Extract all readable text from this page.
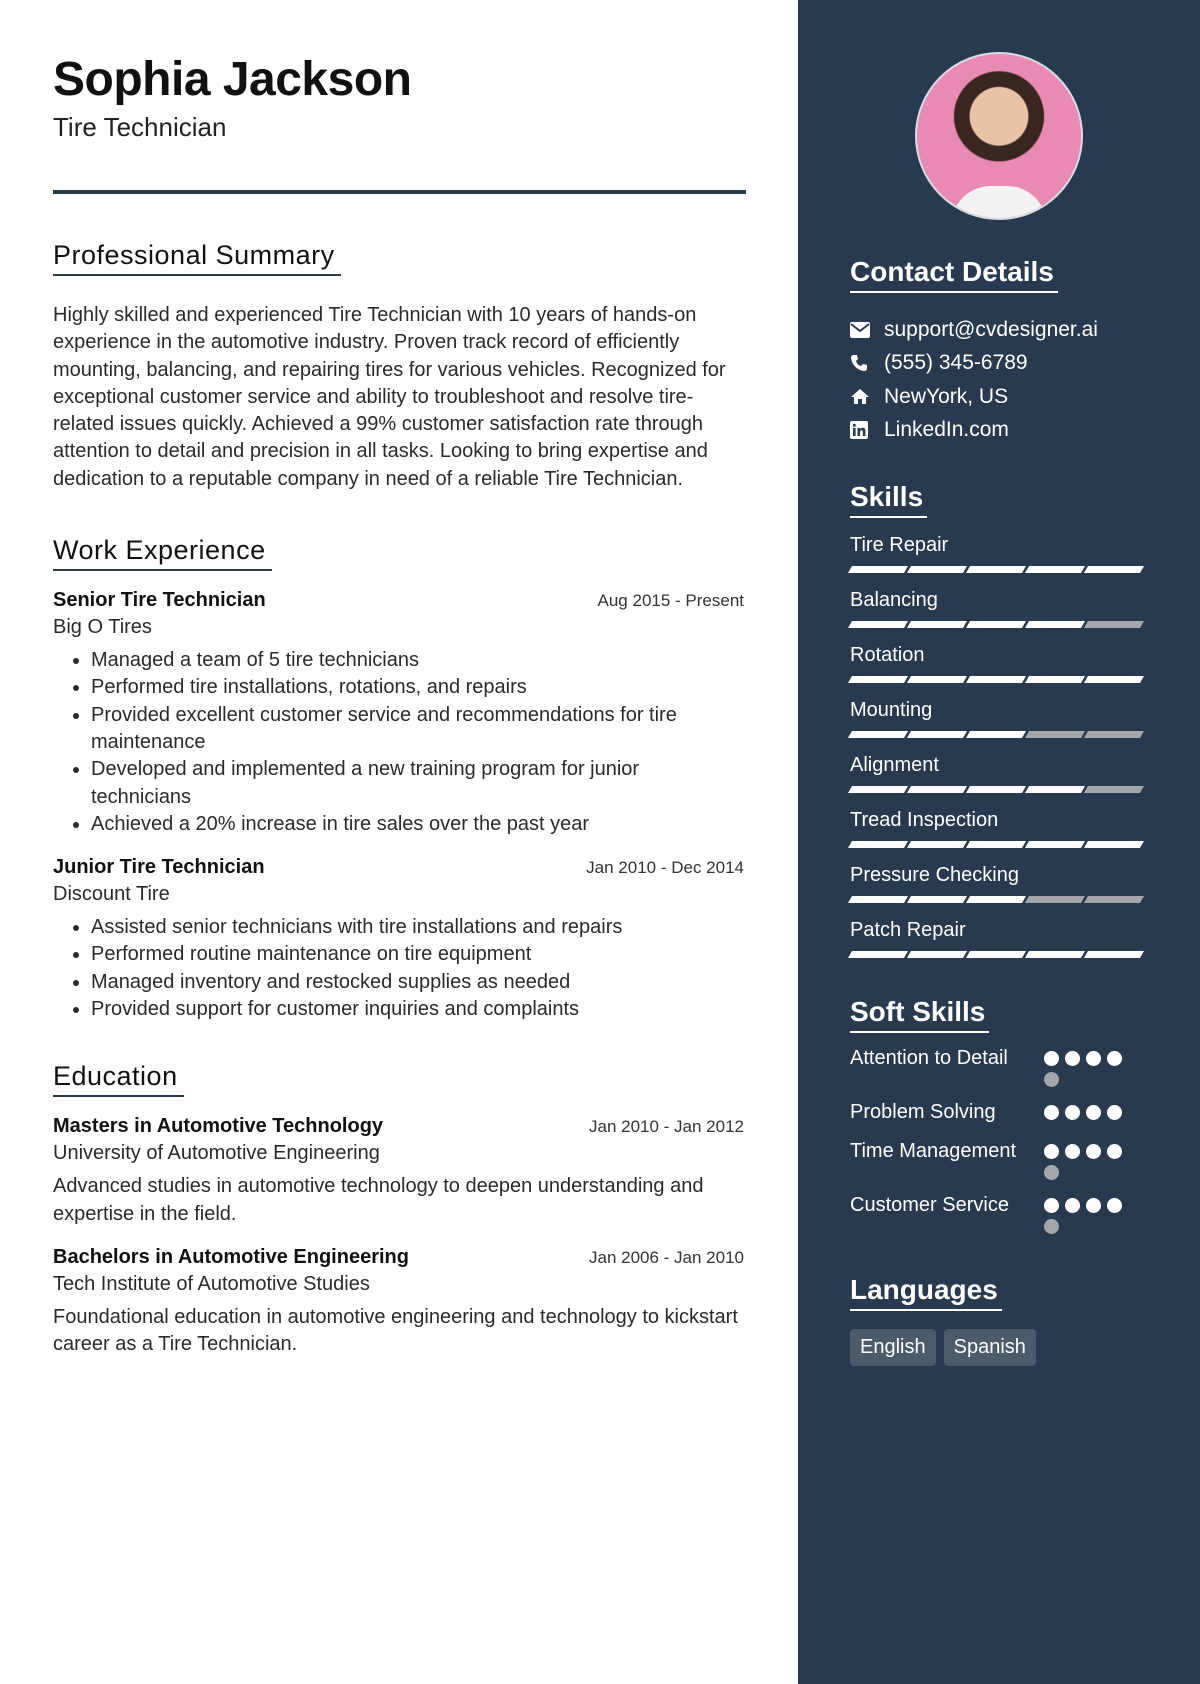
Sophia Jackson

Tire Technician

Professional Summary

Highly skilled and experienced Tire Technician with 10 years of hands-on experience in the automotive industry. Proven track record of efficiently mounting, balancing, and repairing tires for various vehicles. Recognized for exceptional customer service and ability to troubleshoot and resolve tire-related issues quickly. Achieved a 99% customer satisfaction rate through attention to detail and precision in all tasks. Looking to bring expertise and dedication to a reputable company in need of a reliable Tire Technician.

Work Experience
Senior Tire Technician	Aug 2015 - Present
Big O Tires
• Managed a team of 5 tire technicians
• Performed tire installations, rotations, and repairs
• Provided excellent customer service and recommendations for tire maintenance
• Developed and implemented a new training program for junior technicians
• Achieved a 20% increase in tire sales over the past year
Junior Tire Technician	Jan 2010 - Dec 2014
Discount Tire
• Assisted senior technicians with tire installations and repairs
• Performed routine maintenance on tire equipment
• Managed inventory and restocked supplies as needed
• Provided support for customer inquiries and complaints
Education
Masters in Automotive Technology	Jan 2010 - Jan 2012
University of Automotive Engineering
Advanced studies in automotive technology to deepen understanding and expertise in the field.
Bachelors in Automotive Engineering	Jan 2006 - Jan 2010
Tech Institute of Automotive Studies
Foundational education in automotive engineering and technology to kickstart career as a Tire Technician.
Contact Details
support@cvdesigner.ai
(555) 345-6789
NewYork, US
LinkedIn.com
Skills
Tire Repair
Balancing
Rotation
Mounting
Alignment
Tread Inspection
Pressure Checking
Patch Repair
Soft Skills
Attention to Detail
Problem Solving
Time Management
Customer Service
Languages
English	Spanish
